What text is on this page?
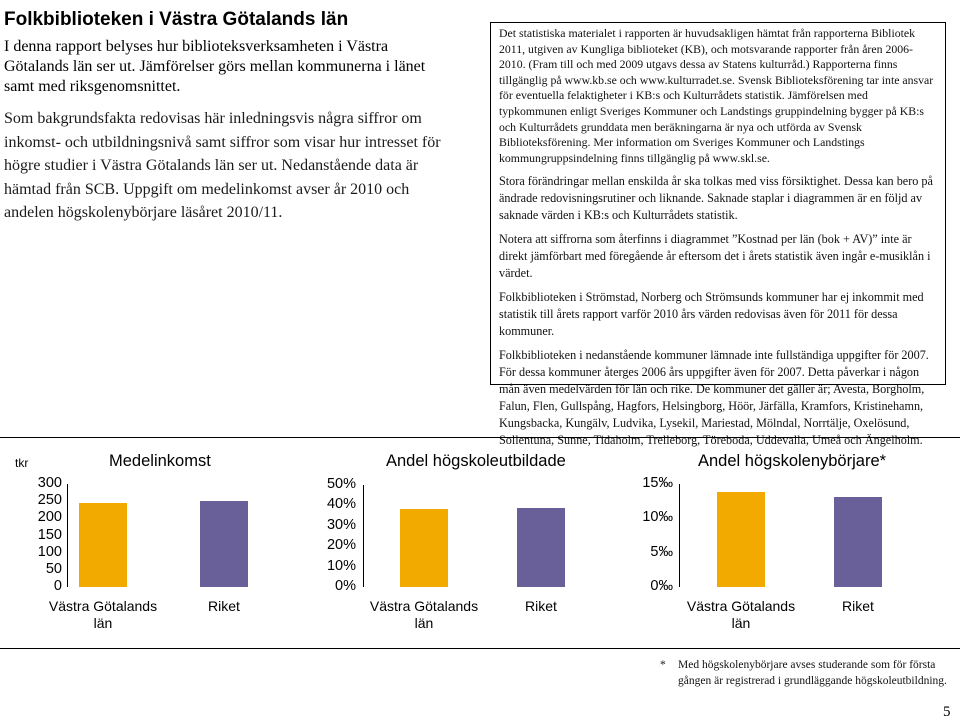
Folkbiblioteken i Västra Götalands län
I denna rapport belyses hur biblioteksverksamheten i Västra Götalands län ser ut. Jämförelser görs mellan kommunerna i länet samt med riksgenomsnittet.
Som bakgrundsfakta redovisas här inledningsvis några siffror om inkomst- och utbildningsnivå samt siffror som visar hur intresset för högre studier i Västra Götalands län ser ut. Nedanstående data är hämtad från SCB. Uppgift om medelinkomst avser år 2010 och andelen högskolenybörjare läsåret 2010/11.

Det statistiska materialet i rapporten är huvudsakligen hämtat från rapporterna Bibliotek 2011, utgiven av Kungliga biblioteket (KB), och motsvarande rapporter från åren 2006-2010. (Fram till och med 2009 utgavs dessa av Statens kulturråd.) Rapporterna finns tillgänglig på www.kb.se och www.kulturradet.se. Svensk Biblioteksförening tar inte ansvar för eventuella felaktigheter i KB:s och Kulturrådets statistik. Jämförelsen med typkommunen enligt Sveriges Kommuner och Landstings gruppindelning bygger på KB:s och Kulturrådets grunddata men beräkningarna är nya och utförda av Svensk Biblioteksförening. Mer information om Sveriges Kommuner och Landstings kommungruppsindelning finns tillgänglig på www.skl.se.

Stora förändringar mellan enskilda år ska tolkas med viss försiktighet. Dessa kan bero på ändrade redovisningsrutiner och liknande. Saknade staplar i diagrammen är en följd av saknade värden i KB:s och Kulturrådets statistik.

Notera att siffrorna som återfinns i diagrammet ”Kostnad per län (bok + AV)” inte är direkt jämförbart med föregående år eftersom det i årets statistik även ingår e-musiklån i värdet.

Folkbiblioteken i Strömstad, Norberg och Strömsunds kommuner har ej inkommit med statistik till årets rapport varför 2010 års värden redovisas även för 2011 för dessa kommuner.

Folkbiblioteken i nedanstående kommuner lämnade inte fullständiga uppgifter för 2007. För dessa kommuner återges 2006 års uppgifter även för 2007. Detta påverkar i någon mån även medelvärden för län och rike. De kommuner det gäller är; Avesta, Borgholm, Falun, Flen, Gullspång, Hagfors, Helsingborg, Höör, Järfälla, Kramfors, Kristinehamn, Kungsbacka, Kungälv, Ludvika, Lysekil, Mariestad, Mölndal, Norrtälje, Oxelösund, Sollentuna, Sunne, Tidaholm, Trelleborg, Töreboda, Uddevalla, Umeå och Ängelholm.

Medelinkomst
tkr
300
250
200
150
100
50
0
Västra Götalands län
Riket
Andel högskoleutbildade
50%
40%
30%
20%
10%
0%
Västra Götalands län
Riket
Andel högskolenybörjare*
15‰
10‰
5‰
0‰
Västra Götalands län
Riket
* Med högskolenybörjare avses studerande som för första gången är registrerad i grundläggande högskoleutbildning.
5
